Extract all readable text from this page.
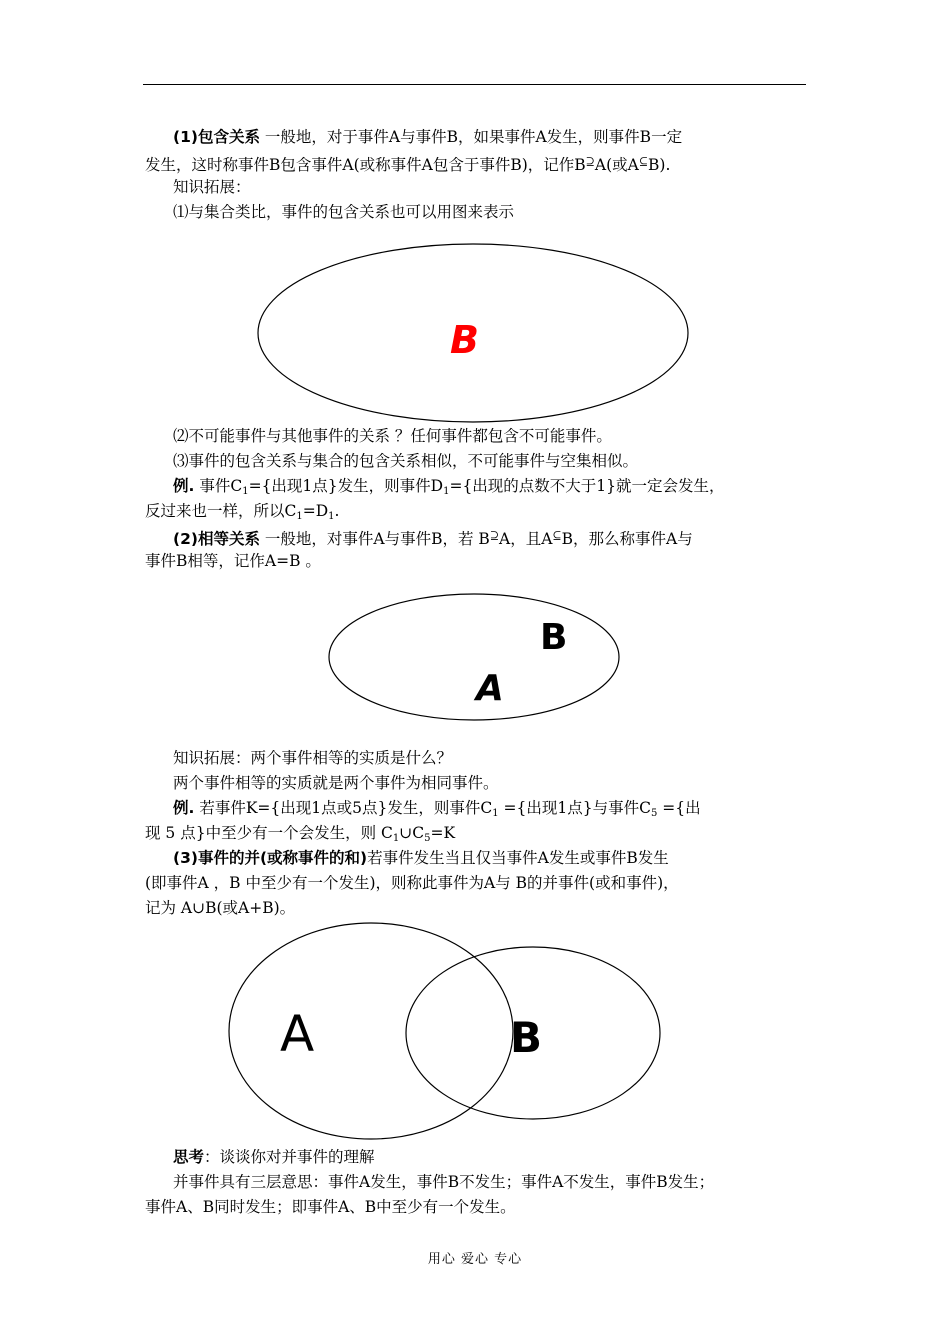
(1)包含关系 一般地，对于事件A与事件B，如果事件A发生，则事件B一定
发生，这时称事件B包含事件A(或称事件A包含于事件B)，记作B⊇A(或A⊆B).
知识拓展：
⑴与集合类比，事件的包含关系也可以用图来表示
B
⑵不可能事件与其他事件的关系 ？任何事件都包含不可能事件。
⑶事件的包含关系与集合的包含关系相似，不可能事件与空集相似。
例. 事件$C_1=${出现1点}发生，则事件$D_1=${出现的点数不大于1}就一定会发生，
反过来也一样，所以$C_1=D_1$.
(2)相等关系 一般地，对事件A与事件B，若 B⊇A，且A⊆B，那么称事件A与
事件B相等，记作A=B 。
B
A
知识拓展：两个事件相等的实质是什么？
两个事件相等的实质就是两个事件为相同事件。
例. 若事件K={出现1点或5点}发生，则事件$C_1$ ={出现1点}与事件$C_5$ ={出
现 5 点}中至少有一个会发生，则 $C_1\cup C_5=K$
(3)事件的并(或称事件的和)若事件发生当且仅当事件A发生或事件B发生
(即事件A ，B 中至少有一个发生)，则称此事件为A与 B的并事件(或和事件)，
记为 A∪B(或A+B)。
A	B
思考：谈谈你对并事件的理解
并事件具有三层意思：事件A发生，事件B不发生；事件A不发生，事件B发生；
事件A、B同时发生；即事件A、B中至少有一个发生。
用心 爱心 专心
